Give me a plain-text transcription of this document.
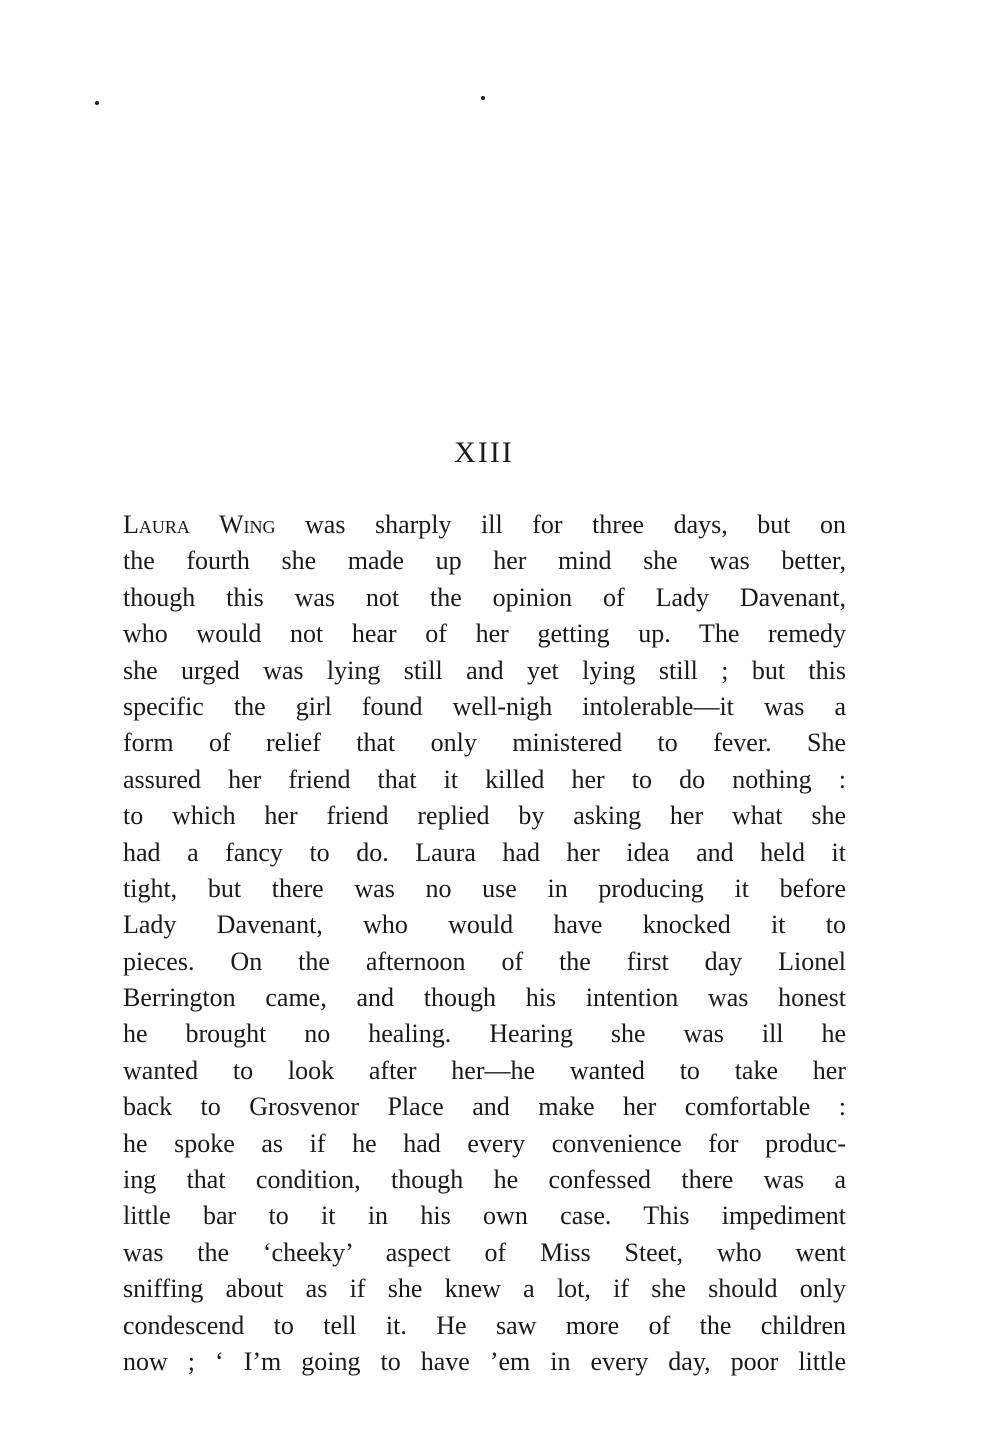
XIII
Laura Wing was sharply ill for three days, but on
the fourth she made up her mind she was better,
though this was not the opinion of Lady Davenant,
who would not hear of her getting up. The remedy
she urged was lying still and yet lying still ; but this
specific the girl found well-nigh intolerable—it was a
form of relief that only ministered to fever. She
assured her friend that it killed her to do nothing :
to which her friend replied by asking her what she
had a fancy to do. Laura had her idea and held it
tight, but there was no use in producing it before
Lady Davenant, who would have knocked it to
pieces. On the afternoon of the first day Lionel
Berrington came, and though his intention was honest
he brought no healing. Hearing she was ill he
wanted to look after her—he wanted to take her
back to Grosvenor Place and make her comfortable :
he spoke as if he had every convenience for produc-
ing that condition, though he confessed there was a
little bar to it in his own case. This impediment
was the ‘cheeky’ aspect of Miss Steet, who went
sniffing about as if she knew a lot, if she should only
condescend to tell it. He saw more of the children
now ; ‘ I’m going to have ’em in every day, poor little
